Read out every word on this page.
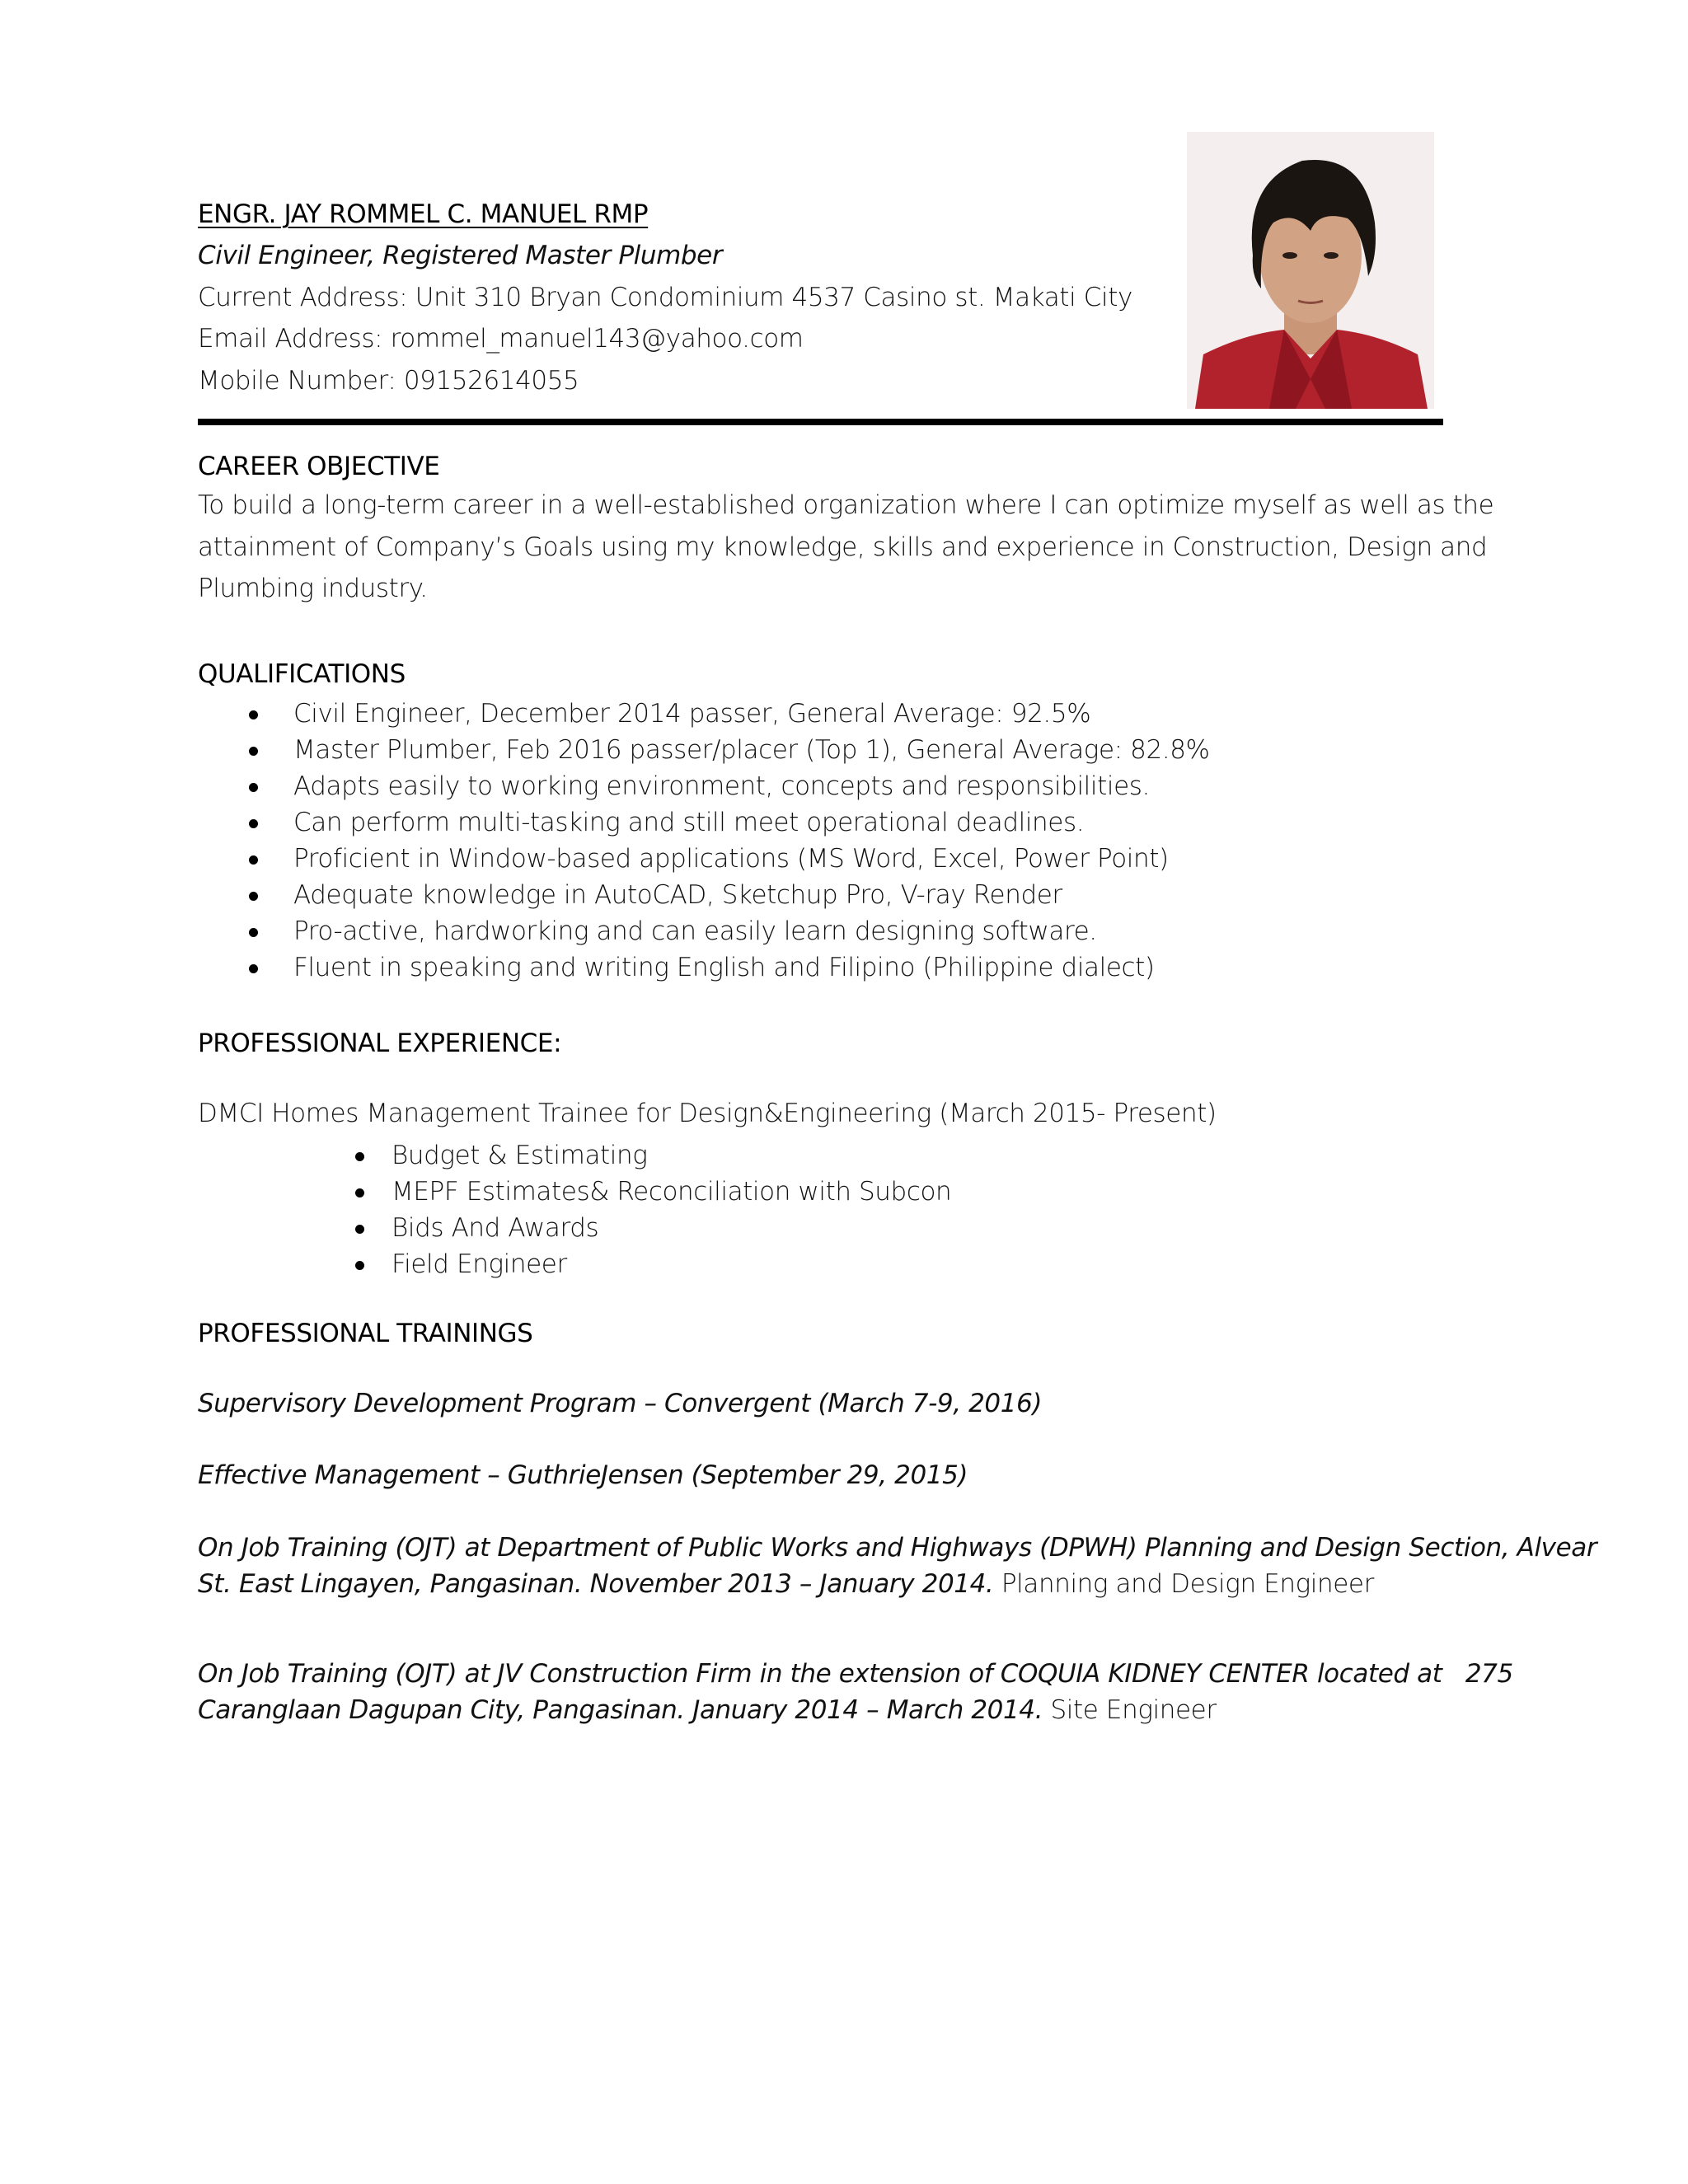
ENGR. JAY ROMMEL C. MANUEL RMP
Civil Engineer, Registered Master Plumber
Current Address: Unit 310 Bryan Condominium 4537 Casino st. Makati City
Email Address: rommel_manuel143@yahoo.com
Mobile Number: 09152614055
CAREER OBJECTIVE
To build a long-term career in a well-established organization where I can optimize myself as well as the
attainment of Company’s Goals using my knowledge, skills and experience in Construction, Design and
Plumbing industry.
QUALIFICATIONS
Civil Engineer, December 2014 passer, General Average: 92.5%
Master Plumber, Feb 2016 passer/placer (Top 1), General Average: 82.8%
Adapts easily to working environment, concepts and responsibilities.
Can perform multi-tasking and still meet operational deadlines.
Proficient in Window-based applications (MS Word, Excel, Power Point)
Adequate knowledge in AutoCAD, Sketchup Pro, V-ray Render
Pro-active, hardworking and can easily learn designing software.
Fluent in speaking and writing English and Filipino (Philippine dialect)
PROFESSIONAL EXPERIENCE:
DMCI Homes Management Trainee for Design&Engineering (March 2015- Present)
Budget & Estimating
MEPF Estimates& Reconciliation with Subcon
Bids And Awards
Field Engineer
PROFESSIONAL TRAININGS
Supervisory Development Program – Convergent (March 7-9, 2016)
Effective Management – GuthrieJensen (September 29, 2015)
On Job Training (OJT) at Department of Public Works and Highways (DPWH) Planning and Design Section, Alvear
St. East Lingayen, Pangasinan. November 2013 – January 2014. Planning and Design Engineer
On Job Training (OJT) at JV Construction Firm in the extension of COQUIA KIDNEY CENTER located at   275
Caranglaan Dagupan City, Pangasinan. January 2014 – March 2014. Site Engineer
